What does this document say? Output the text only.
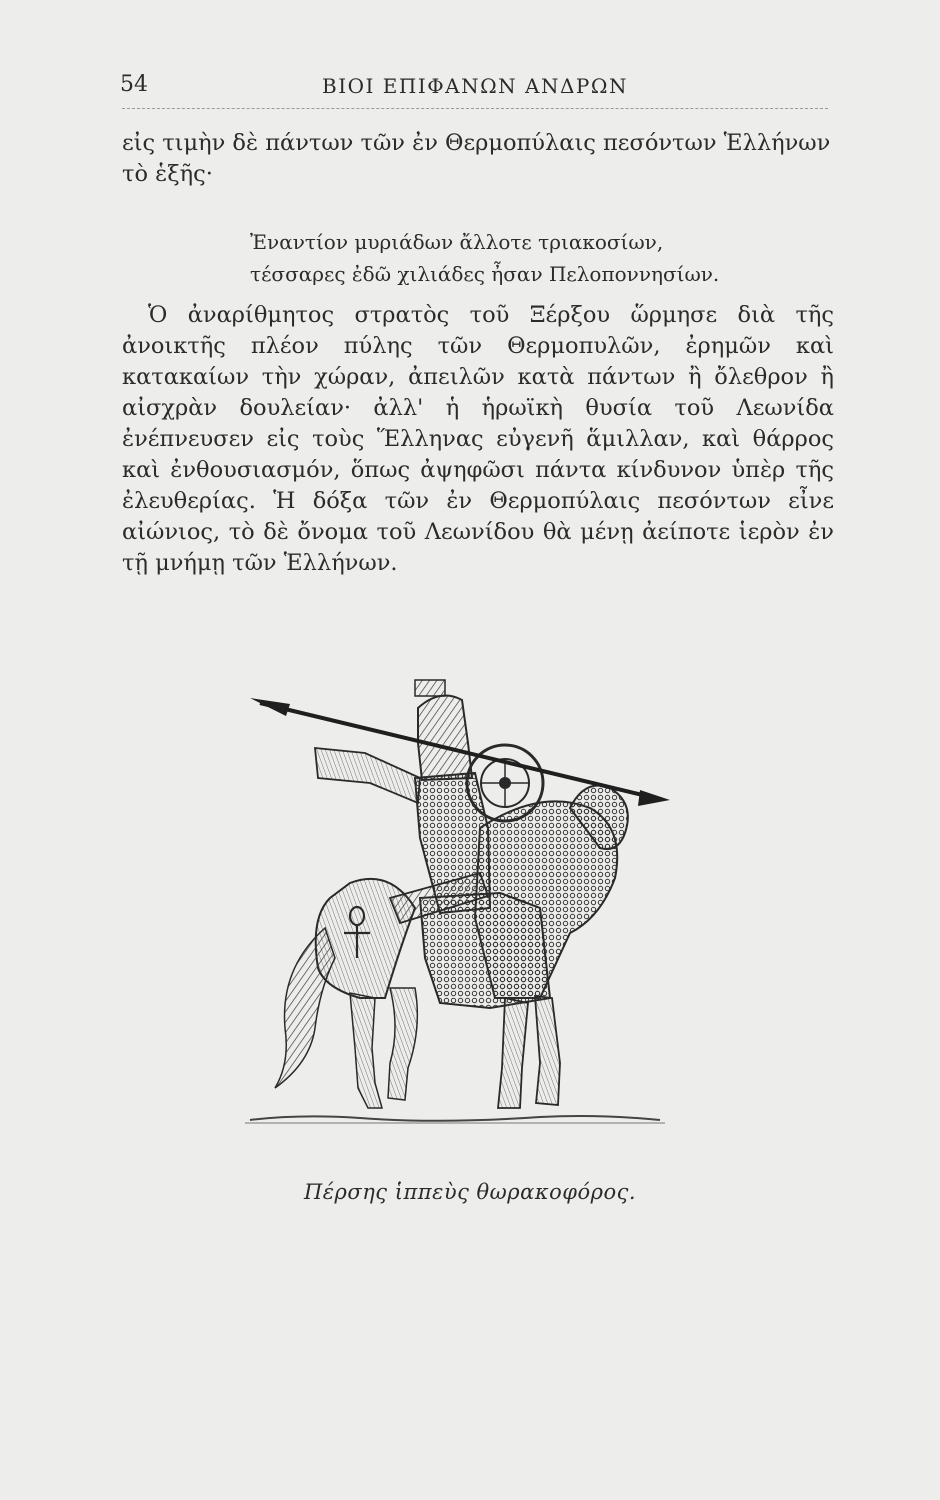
54	ΒΙΟΙ ΕΠΙΦΑΝΩΝ ΑΝΔΡΩΝ

εἰς τιμὴν δὲ πάντων τῶν ἐν Θερμοπύλαις πεσόντων Ἑλλήνων τὸ ἑξῆς·

Ἐναντίον μυριάδων ἄλλοτε τριακοσίων,
τέσσαρες ἐδῶ χιλιάδες ἦσαν Πελοποννησίων.

Ὁ ἀναρίθμητος στρατὸς τοῦ Ξέρξου ὥρμησε διὰ τῆς ἀνοικτῆς πλέον πύλης τῶν Θερμοπυλῶν, ἐρημῶν καὶ κατακαίων τὴν χώραν, ἀπειλῶν κατὰ πάντων ἢ ὄλεθρον ἢ αἰσχρὰν δουλείαν· ἀλλ' ἡ ἡρωϊκὴ θυσία τοῦ Λεωνίδα ἐνέπνευσεν εἰς τοὺς Ἕλληνας εὐγενῆ ἅμιλλαν, καὶ θάρρος καὶ ἐνθουσιασμόν, ὅπως ἀψηφῶσι πάντα κίνδυνον ὑπὲρ τῆς ἐλευθερίας. Ἡ δόξα τῶν ἐν Θερμοπύλαις πεσόντων εἶνε αἰώνιος, τὸ δὲ ὄνομα τοῦ Λεωνίδου θὰ μένῃ ἀείποτε ἱερὸν ἐν τῇ μνήμῃ τῶν Ἑλλήνων.

Πέρσης ἱππεὺς θωρακοφόρος.
